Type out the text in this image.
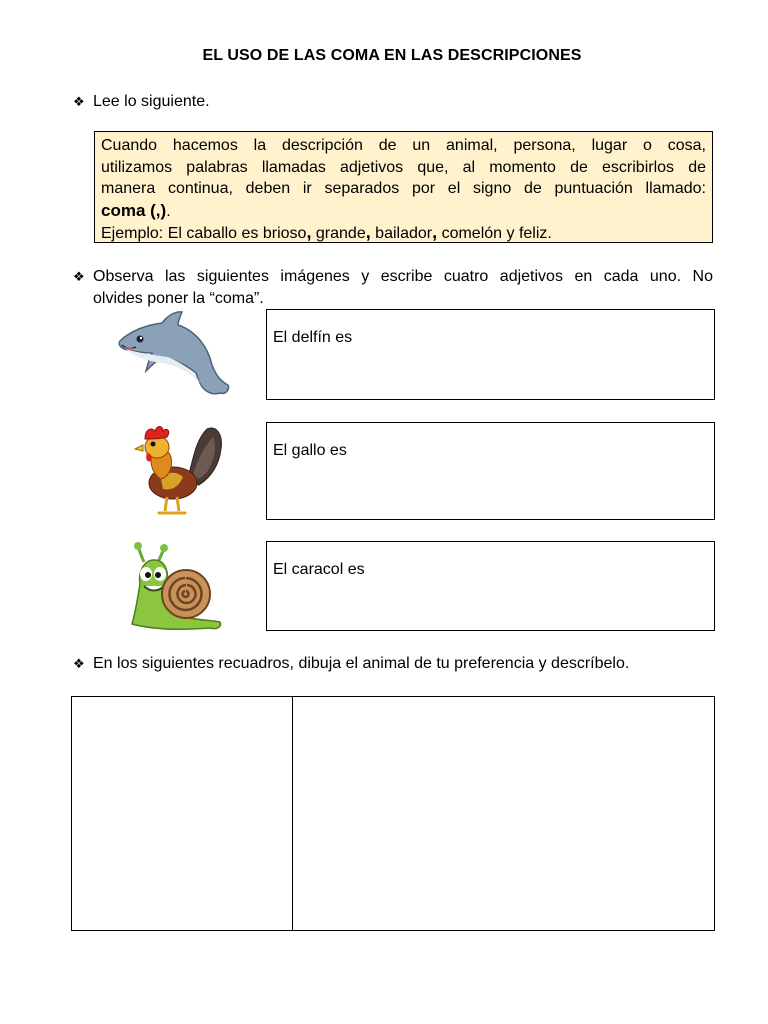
EL USO DE LAS COMA EN LAS DESCRIPCIONES
❖ Lee lo siguiente.
Cuando hacemos la descripción de un animal, persona, lugar o cosa,
utilizamos palabras llamadas adjetivos que, al momento de escribirlos de
manera continua, deben ir separados por el signo de puntuación llamado:
coma (,).
Ejemplo: El caballo es brioso, grande, bailador, comelón y feliz.
❖ Observa las siguientes imágenes y escribe cuatro adjetivos en cada uno. No
olvides poner la “coma”.
El delfín es
El gallo es
El caracol es
❖ En los siguientes recuadros, dibuja el animal de tu preferencia y descríbelo.
